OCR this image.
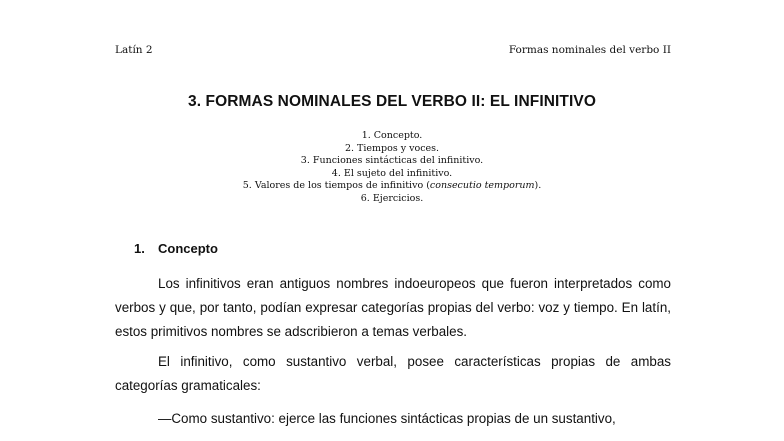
Latín 2	Formas nominales del verbo II
3. FORMAS NOMINALES DEL VERBO II: EL INFINITIVO
1. Concepto.
2. Tiempos y voces.
3. Funciones sintácticas del infinitivo.
4. El sujeto del infinitivo.
5. Valores de los tiempos de infinitivo (consecutio temporum).
6. Ejercicios.
1. Concepto

Los infinitivos eran antiguos nombres indoeuropeos que fueron interpretados como verbos y que, por tanto, podían expresar categorías propias del verbo: voz y tiempo. En latín, estos primitivos nombres se adscribieron a temas verbales.

El infinitivo, como sustantivo verbal, posee características propias de ambas categorías gramaticales:

—Como sustantivo: ejerce las funciones sintácticas propias de un sustantivo,
